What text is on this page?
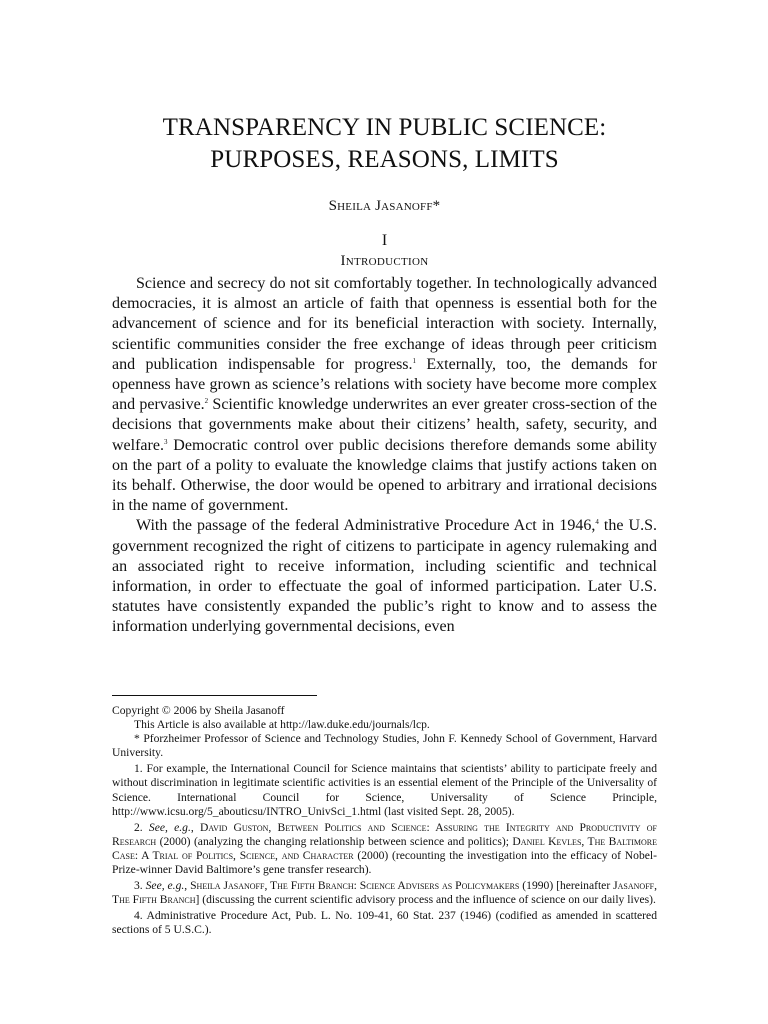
TRANSPARENCY IN PUBLIC SCIENCE:
PURPOSES, REASONS, LIMITS
Sheila Jasanoff*
I
Introduction

Science and secrecy do not sit comfortably together. In technologically advanced democracies, it is almost an article of faith that openness is essential both for the advancement of science and for its beneficial interaction with society. Internally, scientific communities consider the free exchange of ideas through peer criticism and publication indispensable for progress.$^1$ Externally, too, the demands for openness have grown as science’s relations with society have become more complex and pervasive.$^2$ Scientific knowledge underwrites an ever greater cross-section of the decisions that governments make about their citizens’ health, safety, security, and welfare.$^3$ Democratic control over public decisions therefore demands some ability on the part of a polity to evaluate the knowledge claims that justify actions taken on its behalf. Otherwise, the door would be opened to arbitrary and irrational decisions in the name of government.

With the passage of the federal Administrative Procedure Act in 1946,$^4$ the U.S. government recognized the right of citizens to participate in agency rulemaking and an associated right to receive information, including scientific and technical information, in order to effectuate the goal of informed participation. Later U.S. statutes have consistently expanded the public’s right to know and to assess the information underlying governmental decisions, even

Copyright © 2006 by Sheila Jasanoff

This Article is also available at http://law.duke.edu/journals/lcp.

* Pforzheimer Professor of Science and Technology Studies, John F. Kennedy School of Government, Harvard University.

1. For example, the International Council for Science maintains that scientists’ ability to participate freely and without discrimination in legitimate scientific activities is an essential element of the Principle of the Universality of Science. International Council for Science, Universality of Science Principle, http://www.icsu.org/5_abouticsu/INTRO_UnivSci_1.html (last visited Sept. 28, 2005).

2. See, e.g., David Guston, Between Politics and Science: Assuring the Integrity and Productivity of Research (2000) (analyzing the changing relationship between science and politics); Daniel Kevles, The Baltimore Case: A Trial of Politics, Science, and Character (2000) (recounting the investigation into the efficacy of Nobel-Prize-winner David Baltimore’s gene transfer research).

3. See, e.g., Sheila Jasanoff, The Fifth Branch: Science Advisers as Policymakers (1990) [hereinafter Jasanoff, The Fifth Branch] (discussing the current scientific advisory process and the influence of science on our daily lives).

4. Administrative Procedure Act, Pub. L. No. 109-41, 60 Stat. 237 (1946) (codified as amended in scattered sections of 5 U.S.C.).
